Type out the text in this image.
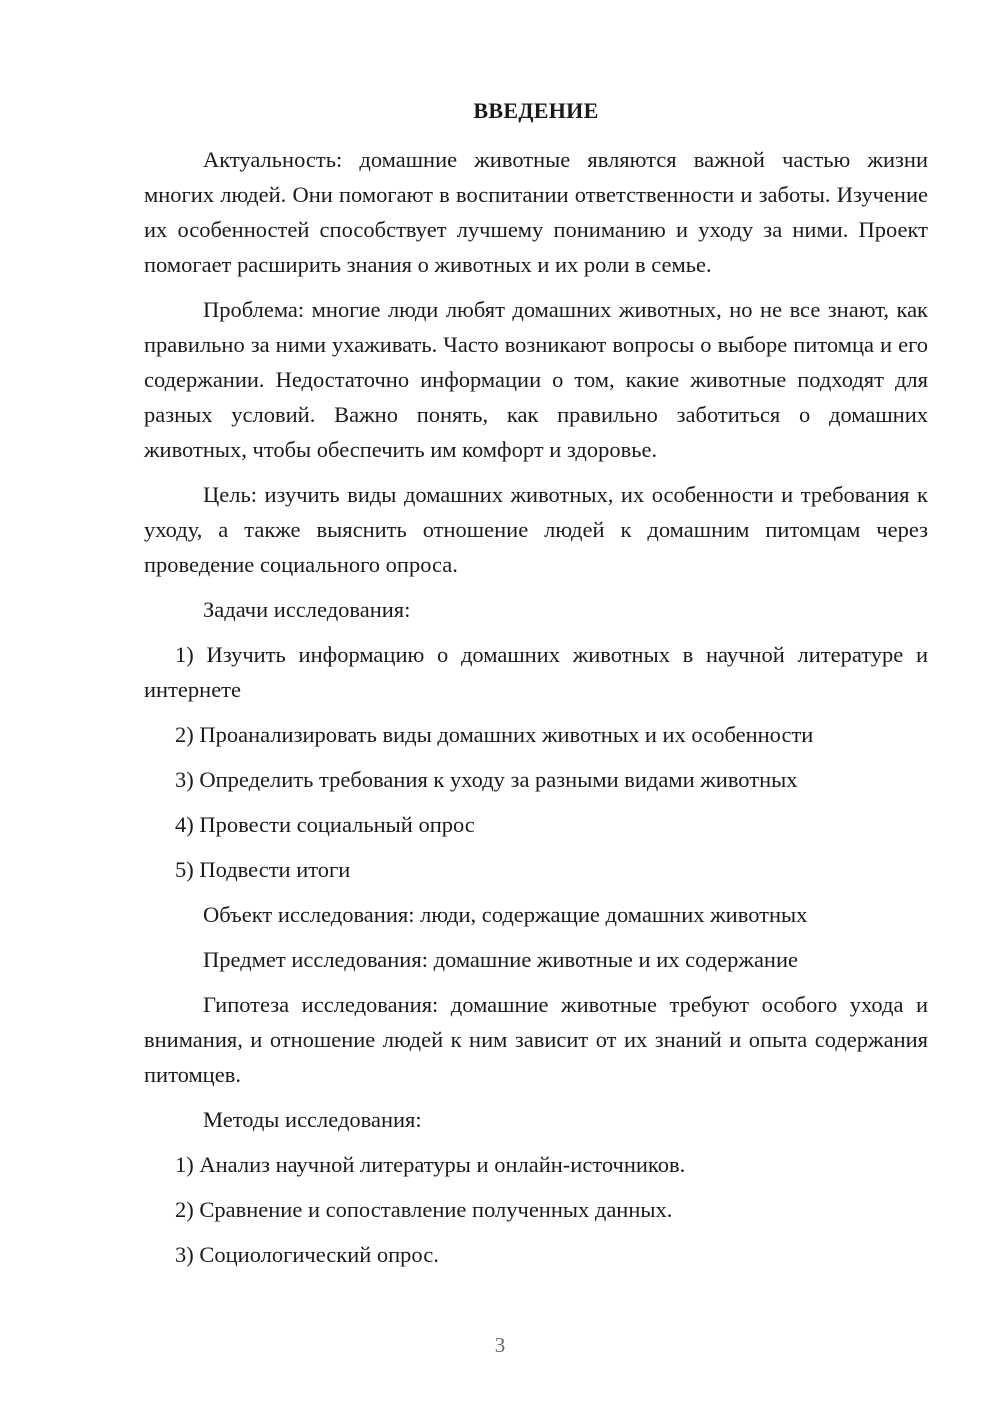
ВВЕДЕНИЕ

Актуальность: домашние животные являются важной частью жизни многих людей. Они помогают в воспитании ответственности и заботы. Изучение их особенностей способствует лучшему пониманию и уходу за ними. Проект помогает расширить знания о животных и их роли в семье.

Проблема: многие люди любят домашних животных, но не все знают, как правильно за ними ухаживать. Часто возникают вопросы о выборе питомца и его содержании. Недостаточно информации о том, какие животные подходят для разных условий. Важно понять, как правильно заботиться о домашних животных, чтобы обеспечить им комфорт и здоровье.

Цель: изучить виды домашних животных, их особенности и требования к уходу, а также выяснить отношение людей к домашним питомцам через проведение социального опроса.

Задачи исследования:

1) Изучить информацию о домашних животных в научной литературе и интернете

2) Проанализировать виды домашних животных и их особенности

3) Определить требования к уходу за разными видами животных

4) Провести социальный опрос

5) Подвести итоги

Объект исследования: люди, содержащие домашних животных

Предмет исследования: домашние животные и их содержание

Гипотеза исследования: домашние животные требуют особого ухода и внимания, и отношение людей к ним зависит от их знаний и опыта содержания питомцев.

Методы исследования:

1) Анализ научной литературы и онлайн-источников.

2) Сравнение и сопоставление полученных данных.

3) Социологический опрос.

3
